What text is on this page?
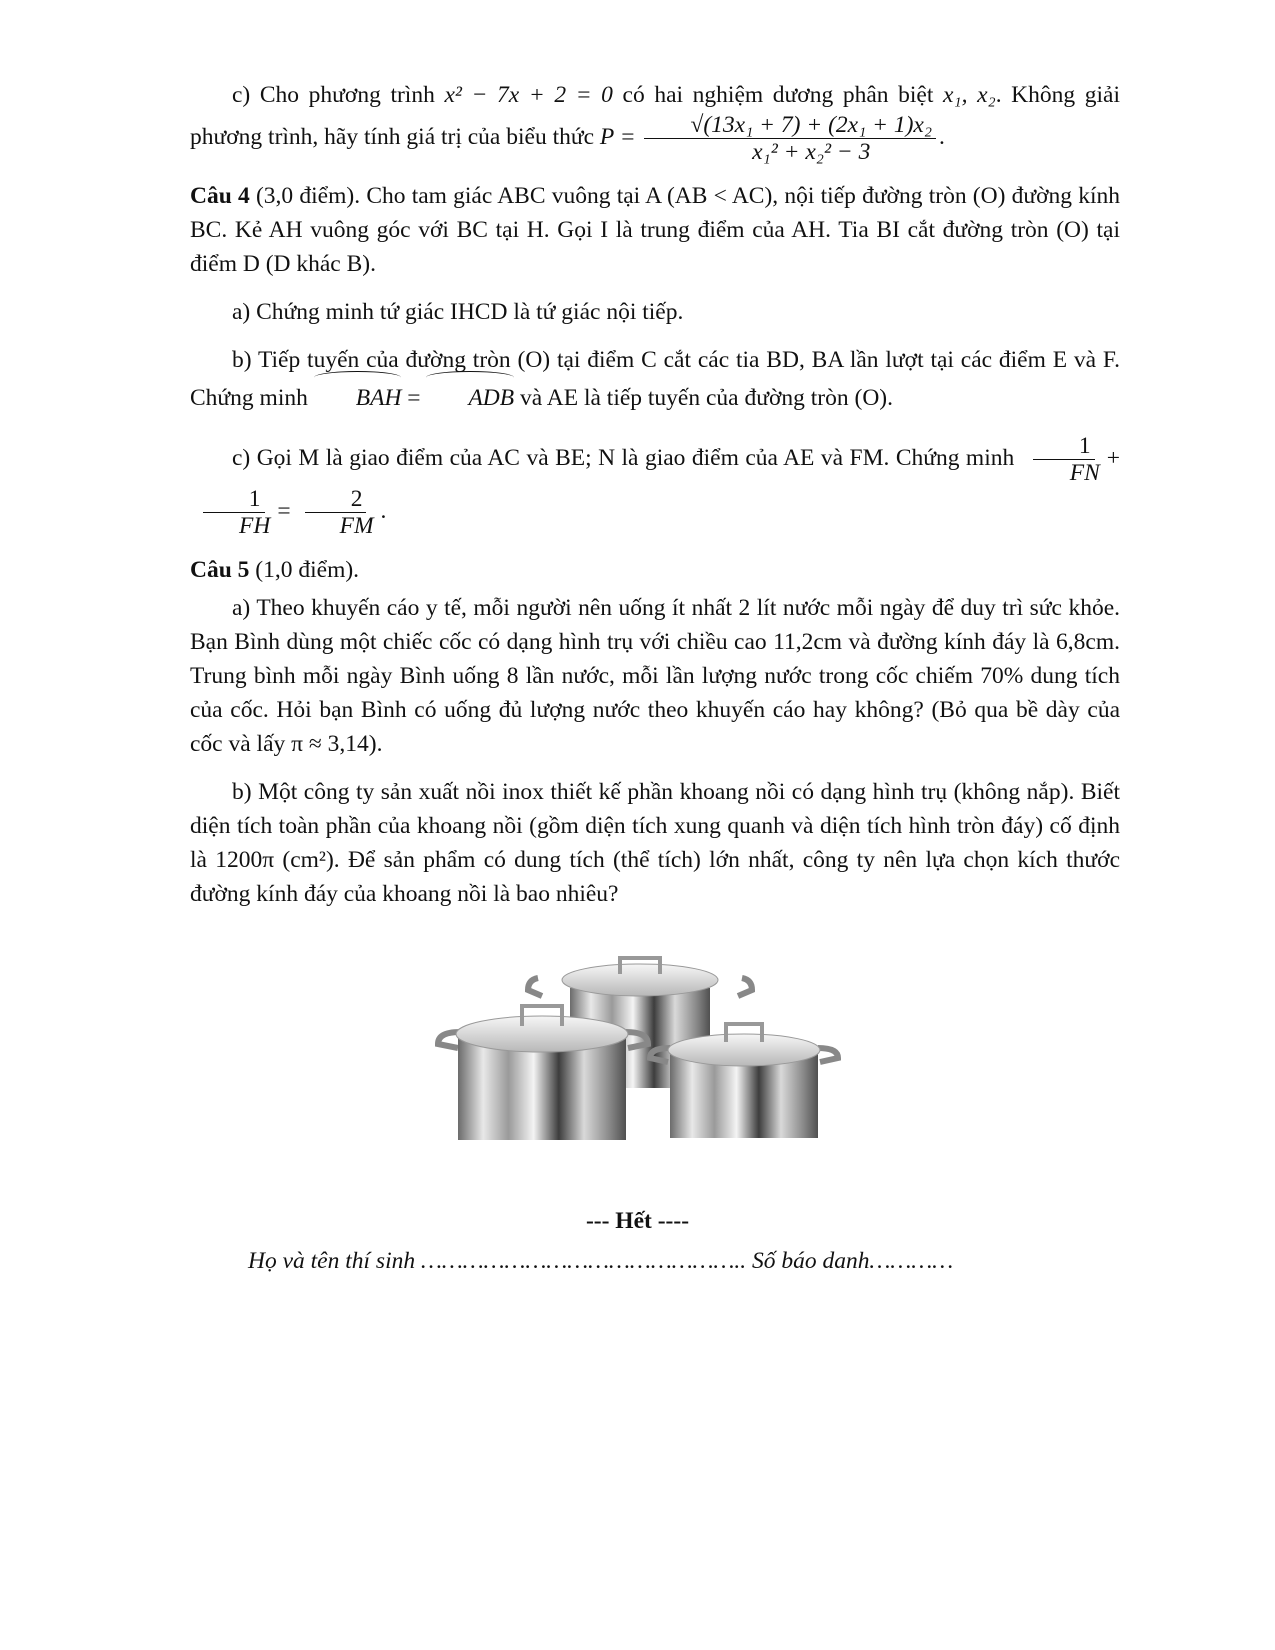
c) Cho phương trình x² − 7x + 2 = 0 có hai nghiệm dương phân biệt x₁, x₂. Không giải phương trình, hãy tính giá trị của biểu thức $P = \frac{\text{√(13x₁ + 7) + (2x₁ + 1)x₂}}{\text{x₁² + x₂² − 3}}$ .

Câu 4 (3,0 điểm). Cho tam giác ABC vuông tại A (AB < AC), nội tiếp đường tròn (O) đường kính BC. Kẻ AH vuông góc với BC tại H. Gọi I là trung điểm của AH. Tia BI cắt đường tròn (O) tại điểm D (D khác B).

a) Chứng minh tứ giác IHCD là tứ giác nội tiếp.

b) Tiếp tuyến của đường tròn (O) tại điểm C cắt các tia BD, BA lần lượt tại các điểm E và F. Chứng minh BAH = ADB và AE là tiếp tuyến của đường tròn (O).

c) Gọi M là giao điểm của AC và BE; N là giao điểm của AE và FM. Chứng minh $\frac{1}{FN}$ +
$\frac{1}{FH} = \frac{2}{FM}$ .

Câu 5 (1,0 điểm).

a) Theo khuyến cáo y tế, mỗi người nên uống ít nhất 2 lít nước mỗi ngày để duy trì sức khỏe. Bạn Bình dùng một chiếc cốc có dạng hình trụ với chiều cao 11,2cm và đường kính đáy là 6,8cm. Trung bình mỗi ngày Bình uống 8 lần nước, mỗi lần lượng nước trong cốc chiếm 70% dung tích của cốc. Hỏi bạn Bình có uống đủ lượng nước theo khuyến cáo hay không? (Bỏ qua bề dày của cốc và lấy π ≈ 3,14).

b) Một công ty sản xuất nồi inox thiết kế phần khoang nồi có dạng hình trụ (không nắp). Biết diện tích toàn phần của khoang nồi (gồm diện tích xung quanh và diện tích hình tròn đáy) cố định là 1200π (cm²). Để sản phẩm có dung tích (thể tích) lớn nhất, công ty nên lựa chọn kích thước đường kính đáy của khoang nồi là bao nhiêu?

--- Hết ----
Họ và tên thí sinh ……………………………………….. Số báo danh…………
